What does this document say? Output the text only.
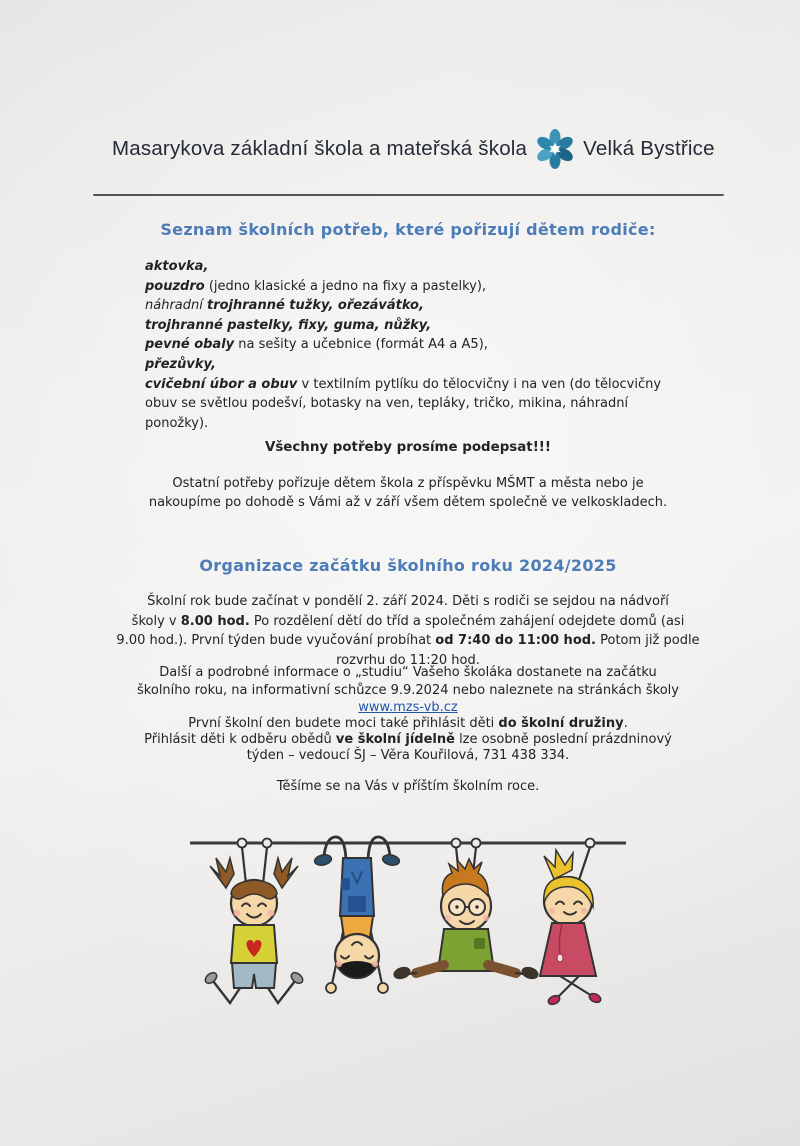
Masarykova základní škola a mateřská škola	Velká Bystřice
Seznam školních potřeb, které pořizují dětem rodiče:
aktovka,
pouzdro (jedno klasické a jedno na fixy a pastelky),
náhradní trojhranné tužky, ořezávátko,
trojhranné pastelky, fixy, guma, nůžky,
pevné obaly na sešity a učebnice (formát A4 a A5),
přezůvky,
cvičební úbor a obuv v textilním pytlíku do tělocvičny i na ven (do tělocvičny
obuv se světlou podešví, botasky na ven, tepláky, tričko, mikina, náhradní
ponožky).
Všechny potřeby prosíme podepsat!!!
Ostatní potřeby pořizuje dětem škola z příspěvku MŠMT a města nebo je
nakoupíme po dohodě s Vámi až v září všem dětem společně ve velkoskladech.
Organizace začátku školního roku 2024/2025
Školní rok bude začínat v pondělí 2. září 2024. Děti s rodiči se sejdou na nádvoří
školy v 8.00 hod. Po rozdělení dětí do tříd a společném zahájení odejdete domů (asi
9.00 hod.). První týden bude vyučování probíhat od 7:40 do 11:00 hod. Potom již podle
rozvrhu do 11:20 hod.
Další a podrobné informace o „studiu“ Vašeho školáka dostanete na začátku
školního roku, na informativní schůzce 9.9.2024 nebo naleznete na stránkách školy
www.mzs-vb.cz
První školní den budete moci také přihlásit děti do školní družiny.
Přihlásit děti k odběru obědů ve školní jídelně lze osobně poslední prázdninový
týden – vedoucí ŠJ – Věra Kouřilová, 731 438 334.
Těšíme se na Vás v příštím školním roce.
